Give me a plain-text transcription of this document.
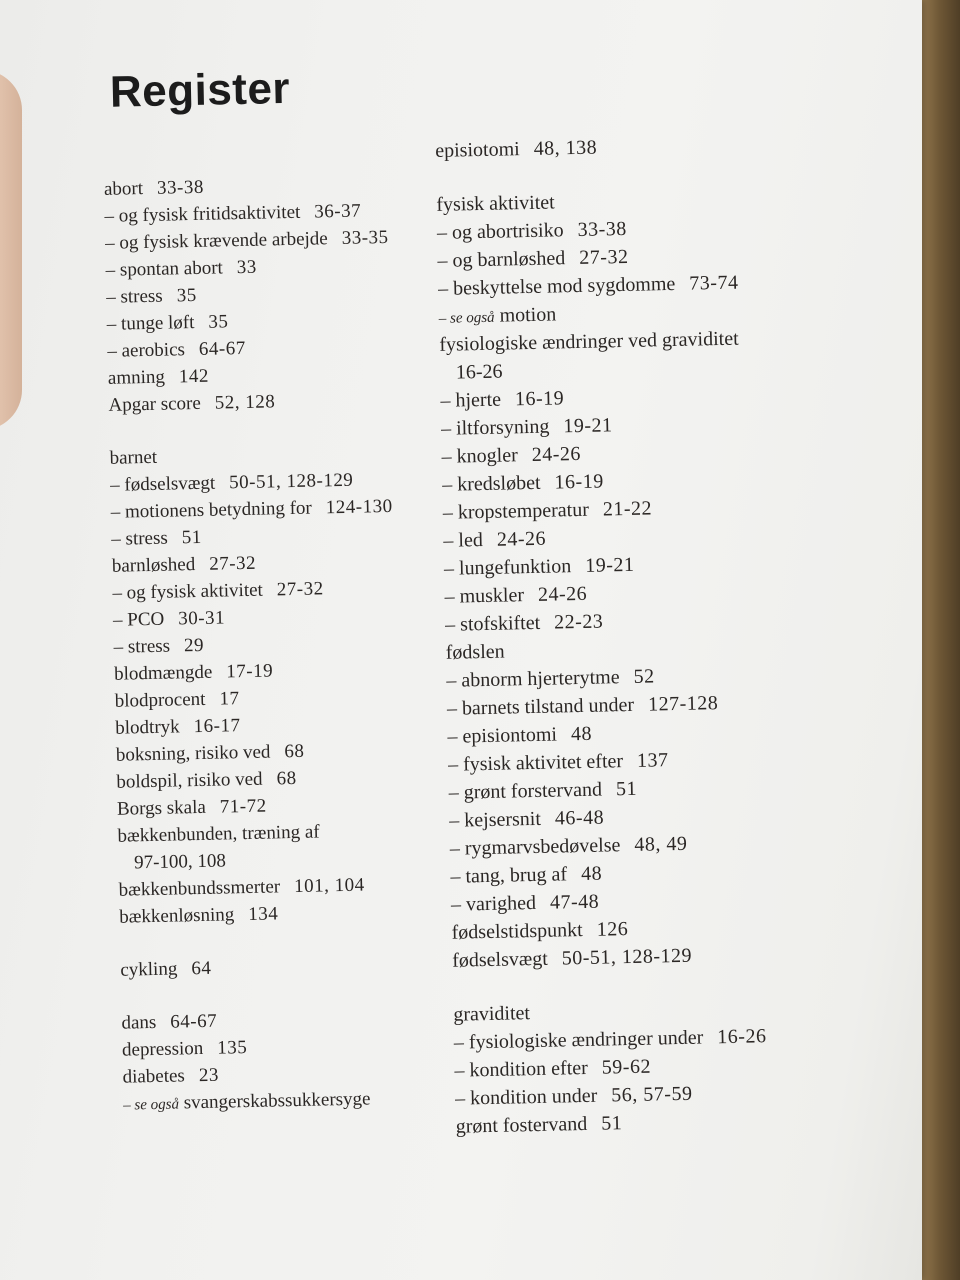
Register
abort 33-38
– og fysisk fritidsaktivitet 36-37
– og fysisk krævende arbejde 33-35
– spontan abort 33
– stress 35
– tunge løft 35
– aerobics 64-67
amning 142
Apgar score 52, 128
barnet
– fødselsvægt 50-51, 128-129
– motionens betydning for 124-130
– stress 51
barnløshed 27-32
– og fysisk aktivitet 27-32
– PCO 30-31
– stress 29
blodmængde 17-19
blodprocent 17
blodtryk 16-17
boksning, risiko ved 68
boldspil, risiko ved 68
Borgs skala 71-72
bækkenbunden, træning af
97-100, 108
bækkenbundssmerter 101, 104
bækkenløsning 134
cykling 64
dans 64-67
depression 135
diabetes 23
– se også svangerskabssukkersyge
episiotomi 48, 138
fysisk aktivitet
– og abortrisiko 33-38
– og barnløshed 27-32
– beskyttelse mod sygdomme 73-74
– se også motion
fysiologiske ændringer ved graviditet
16-26
– hjerte 16-19
– iltforsyning 19-21
– knogler 24-26
– kredsløbet 16-19
– kropstemperatur 21-22
– led 24-26
– lungefunktion 19-21
– muskler 24-26
– stofskiftet 22-23
fødslen
– abnorm hjerterytme 52
– barnets tilstand under 127-128
– episiontomi 48
– fysisk aktivitet efter 137
– grønt forstervand 51
– kejsersnit 46-48
– rygmarvsbedøvelse 48, 49
– tang, brug af 48
– varighed 47-48
fødselstidspunkt 126
fødselsvægt 50-51, 128-129
graviditet
– fysiologiske ændringer under 16-26
– kondition efter 59-62
– kondition under 56, 57-59
grønt fostervand 51
